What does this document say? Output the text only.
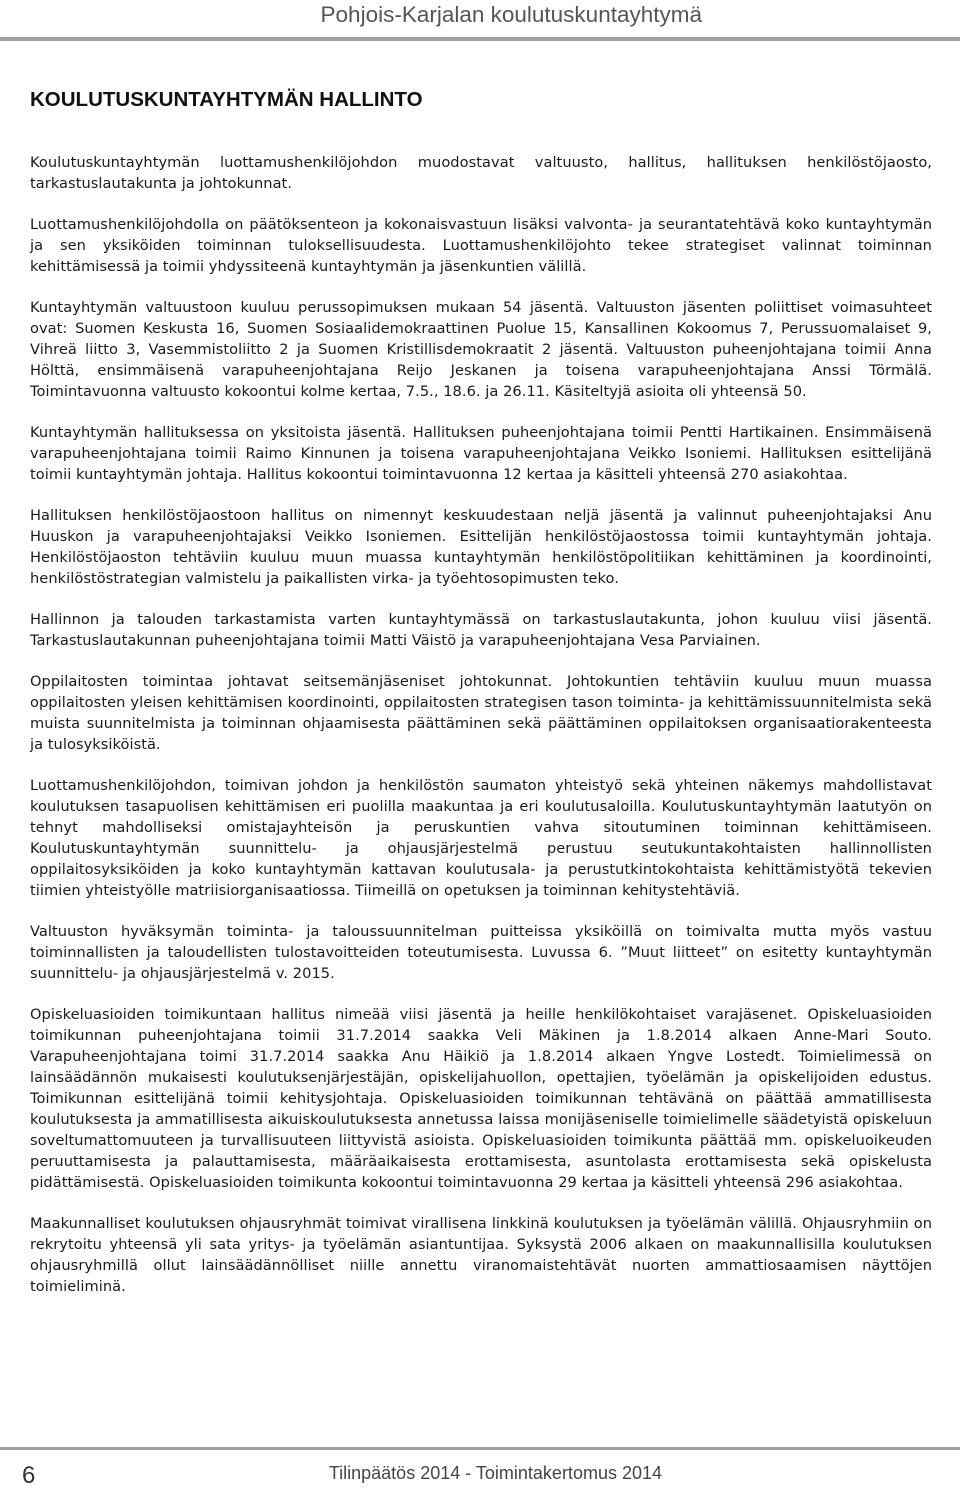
Pohjois-Karjalan koulutuskuntayhtymä
KOULUTUSKUNTAYHTYMÄN HALLINTO

Koulutuskuntayhtymän luottamushenkilöjohdon muodostavat valtuusto, hallitus, hallituksen henkilöstöjaosto, tarkastuslautakunta ja johtokunnat.

Luottamushenkilöjohdolla on päätöksenteon ja kokonaisvastuun lisäksi valvonta- ja seurantatehtävä koko kuntayhtymän ja sen yksiköiden toiminnan tuloksellisuudesta. Luottamushenkilöjohto tekee strategiset valinnat toiminnan kehittämisessä ja toimii yhdyssiteenä kuntayhtymän ja jäsenkuntien välillä.

Kuntayhtymän valtuustoon kuuluu perussopimuksen mukaan 54 jäsentä. Valtuuston jäsenten poliittiset voimasuhteet ovat: Suomen Keskusta 16, Suomen Sosiaalidemokraattinen Puolue 15, Kansallinen Kokoomus 7, Perussuomalaiset 9, Vihreä liitto 3, Vasemmistoliitto 2 ja Suomen Kristillisdemokraatit 2 jäsentä. Valtuuston puheenjohtajana toimii Anna Hölttä, ensimmäisenä varapuheenjohtajana Reijo Jeskanen ja toisena varapuheenjohtajana Anssi Törmälä. Toimintavuonna valtuusto kokoontui kolme kertaa, 7.5., 18.6. ja 26.11. Käsiteltyjä asioita oli yhteensä 50.

Kuntayhtymän hallituksessa on yksitoista jäsentä. Hallituksen puheenjohtajana toimii Pentti Hartikainen. Ensimmäisenä varapuheenjohtajana toimii Raimo Kinnunen ja toisena varapuheenjohtajana Veikko Isoniemi. Hallituksen esittelijänä toimii kuntayhtymän johtaja. Hallitus kokoontui toimintavuonna 12 kertaa ja käsitteli yhteensä 270 asiakohtaa.

Hallituksen henkilöstöjaostoon hallitus on nimennyt keskuudestaan neljä jäsentä ja valinnut puheenjohtajaksi Anu Huuskon ja varapuheenjohtajaksi Veikko Isoniemen. Esittelijän henkilöstöjaostossa toimii kuntayhtymän johtaja. Henkilöstöjaoston tehtäviin kuuluu muun muassa kuntayhtymän henkilöstöpolitiikan kehittäminen ja koordinointi, henkilöstöstrategian valmistelu ja paikallisten virka- ja työehtosopimusten teko.

Hallinnon ja talouden tarkastamista varten kuntayhtymässä on tarkastuslautakunta, johon kuuluu viisi jäsentä. Tarkastuslautakunnan puheenjohtajana toimii Matti Väistö ja varapuheenjohtajana Vesa Parviainen.

Oppilaitosten toimintaa johtavat seitsemänjäseniset johtokunnat. Johtokuntien tehtäviin kuuluu muun muassa oppilaitosten yleisen kehittämisen koordinointi, oppilaitosten strategisen tason toiminta- ja kehittämissuunnitelmista sekä muista suunnitelmista ja toiminnan ohjaamisesta päättäminen sekä päättäminen oppilaitoksen organisaatiorakenteesta ja tulosyksiköistä.

Luottamushenkilöjohdon, toimivan johdon ja henkilöstön saumaton yhteistyö sekä yhteinen näkemys mahdollistavat koulutuksen tasapuolisen kehittämisen eri puolilla maakuntaa ja eri koulutusaloilla. Koulutuskuntayhtymän laatutyön on tehnyt mahdolliseksi omistajayhteisön ja peruskuntien vahva sitoutuminen toiminnan kehittämiseen. Koulutuskuntayhtymän suunnittelu- ja ohjausjärjestelmä perustuu seutukuntakohtaisten hallinnollisten oppilaitosyksiköiden ja koko kuntayhtymän kattavan koulutusala- ja perustutkintokohtaista kehittämistyötä tekevien tiimien yhteistyölle matriisiorganisaatiossa. Tiimeillä on opetuksen ja toiminnan kehitystehtäviä.

Valtuuston hyväksymän toiminta- ja taloussuunnitelman puitteissa yksiköillä on toimivalta mutta myös vastuu toiminnallisten ja taloudellisten tulostavoitteiden toteutumisesta. Luvussa 6. ”Muut liitteet” on esitetty kuntayhtymän suunnittelu- ja ohjausjärjestelmä v. 2015.

Opiskeluasioiden toimikuntaan hallitus nimeää viisi jäsentä ja heille henkilökohtaiset varajäsenet. Opiskeluasioiden toimikunnan puheenjohtajana toimii 31.7.2014 saakka Veli Mäkinen ja 1.8.2014 alkaen Anne-Mari Souto. Varapuheenjohtajana toimi 31.7.2014 saakka Anu Häikiö ja 1.8.2014 alkaen Yngve Lostedt. Toimielimessä on lainsäädännön mukaisesti koulutuksenjärjestäjän, opiskelijahuollon, opettajien, työelämän ja opiskelijoiden edustus. Toimikunnan esittelijänä toimii kehitysjohtaja. Opiskeluasioiden toimikunnan tehtävänä on päättää ammatillisesta koulutuksesta ja ammatillisesta aikuiskoulutuksesta annetussa laissa monijäseniselle toimielimelle säädetyistä opiskeluun soveltumattomuuteen ja turvallisuuteen liittyvistä asioista. Opiskeluasioiden toimikunta päättää mm. opiskeluoikeuden peruuttamisesta ja palauttamisesta, määräaikaisesta erottamisesta, asuntolasta erottamisesta sekä opiskelusta pidättämisestä. Opiskeluasioiden toimikunta kokoontui toimintavuonna 29 kertaa ja käsitteli yhteensä 296 asiakohtaa.

Maakunnalliset koulutuksen ohjausryhmät toimivat virallisena linkkinä koulutuksen ja työelämän välillä. Ohjausryhmiin on rekrytoitu yhteensä yli sata yritys- ja työelämän asiantuntijaa. Syksystä 2006 alkaen on maakunnallisilla koulutuksen ohjausryhmillä ollut lainsäädännölliset niille annettu viranomaistehtävät nuorten ammattiosaamisen näyttöjen toimieliminä.

6	Tilinpäätös 2014 - Toimintakertomus 2014
